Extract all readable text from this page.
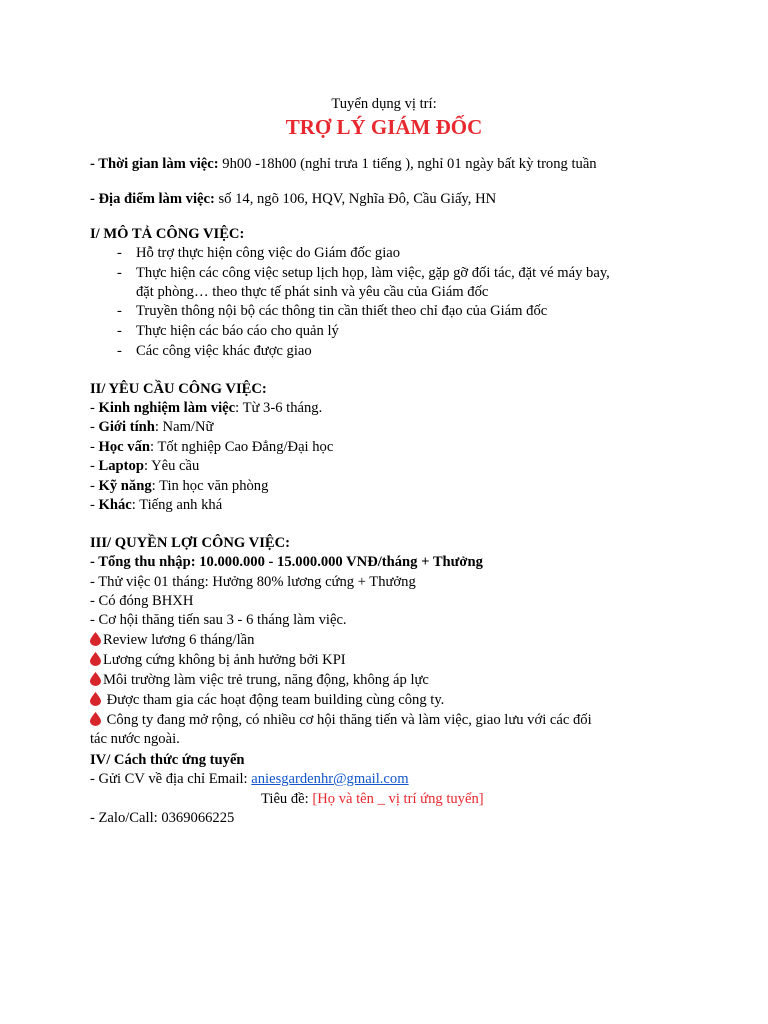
Tuyển dụng vị trí:
TRỢ LÝ GIÁM ĐỐC
- Thời gian làm việc: 9h00 -18h00 (nghỉ trưa 1 tiếng ), nghỉ 01 ngày bất kỳ trong tuần
- Địa điểm làm việc: số 14, ngõ 106, HQV, Nghĩa Đô, Cầu Giấy, HN
I/ MÔ TẢ CÔNG VIỆC:
- Hỗ trợ thực hiện công việc do Giám đốc giao
- Thực hiện các công việc setup lịch họp, làm việc, gặp gỡ đối tác, đặt vé máy bay,
đặt phòng… theo thực tế phát sinh và yêu cầu của Giám đốc
- Truyền thông nội bộ các thông tin cần thiết theo chỉ đạo của Giám đốc
- Thực hiện các báo cáo cho quản lý
- Các công việc khác được giao
II/ YÊU CẦU CÔNG VIỆC:
- Kinh nghiệm làm việc: Từ 3-6 tháng.
- Giới tính: Nam/Nữ
- Học vấn: Tốt nghiệp Cao Đẳng/Đại học
- Laptop: Yêu cầu
- Kỹ năng: Tin học văn phòng
- Khác: Tiếng anh khá
III/ QUYỀN LỢI CÔNG VIỆC:
- Tổng thu nhập: 10.000.000 - 15.000.000 VNĐ/tháng + Thưởng
- Thử việc 01 tháng: Hưởng 80% lương cứng + Thưởng
- Có đóng BHXH
- Cơ hội thăng tiến sau 3 - 6 tháng làm việc.
Review lương 6 tháng/lần
Lương cứng không bị ảnh hưởng bởi KPI
Môi trường làm việc trẻ trung, năng động, không áp lực
Được tham gia các hoạt động team building cùng công ty.
Công ty đang mở rộng, có nhiều cơ hội thăng tiến và làm việc, giao lưu với các đối
tác nước ngoài.
IV/ Cách thức ứng tuyển
- Gửi CV về địa chỉ Email: aniesgardenhr@gmail.com
Tiêu đề: [Họ và tên _ vị trí ứng tuyển]
- Zalo/Call: 0369066225
